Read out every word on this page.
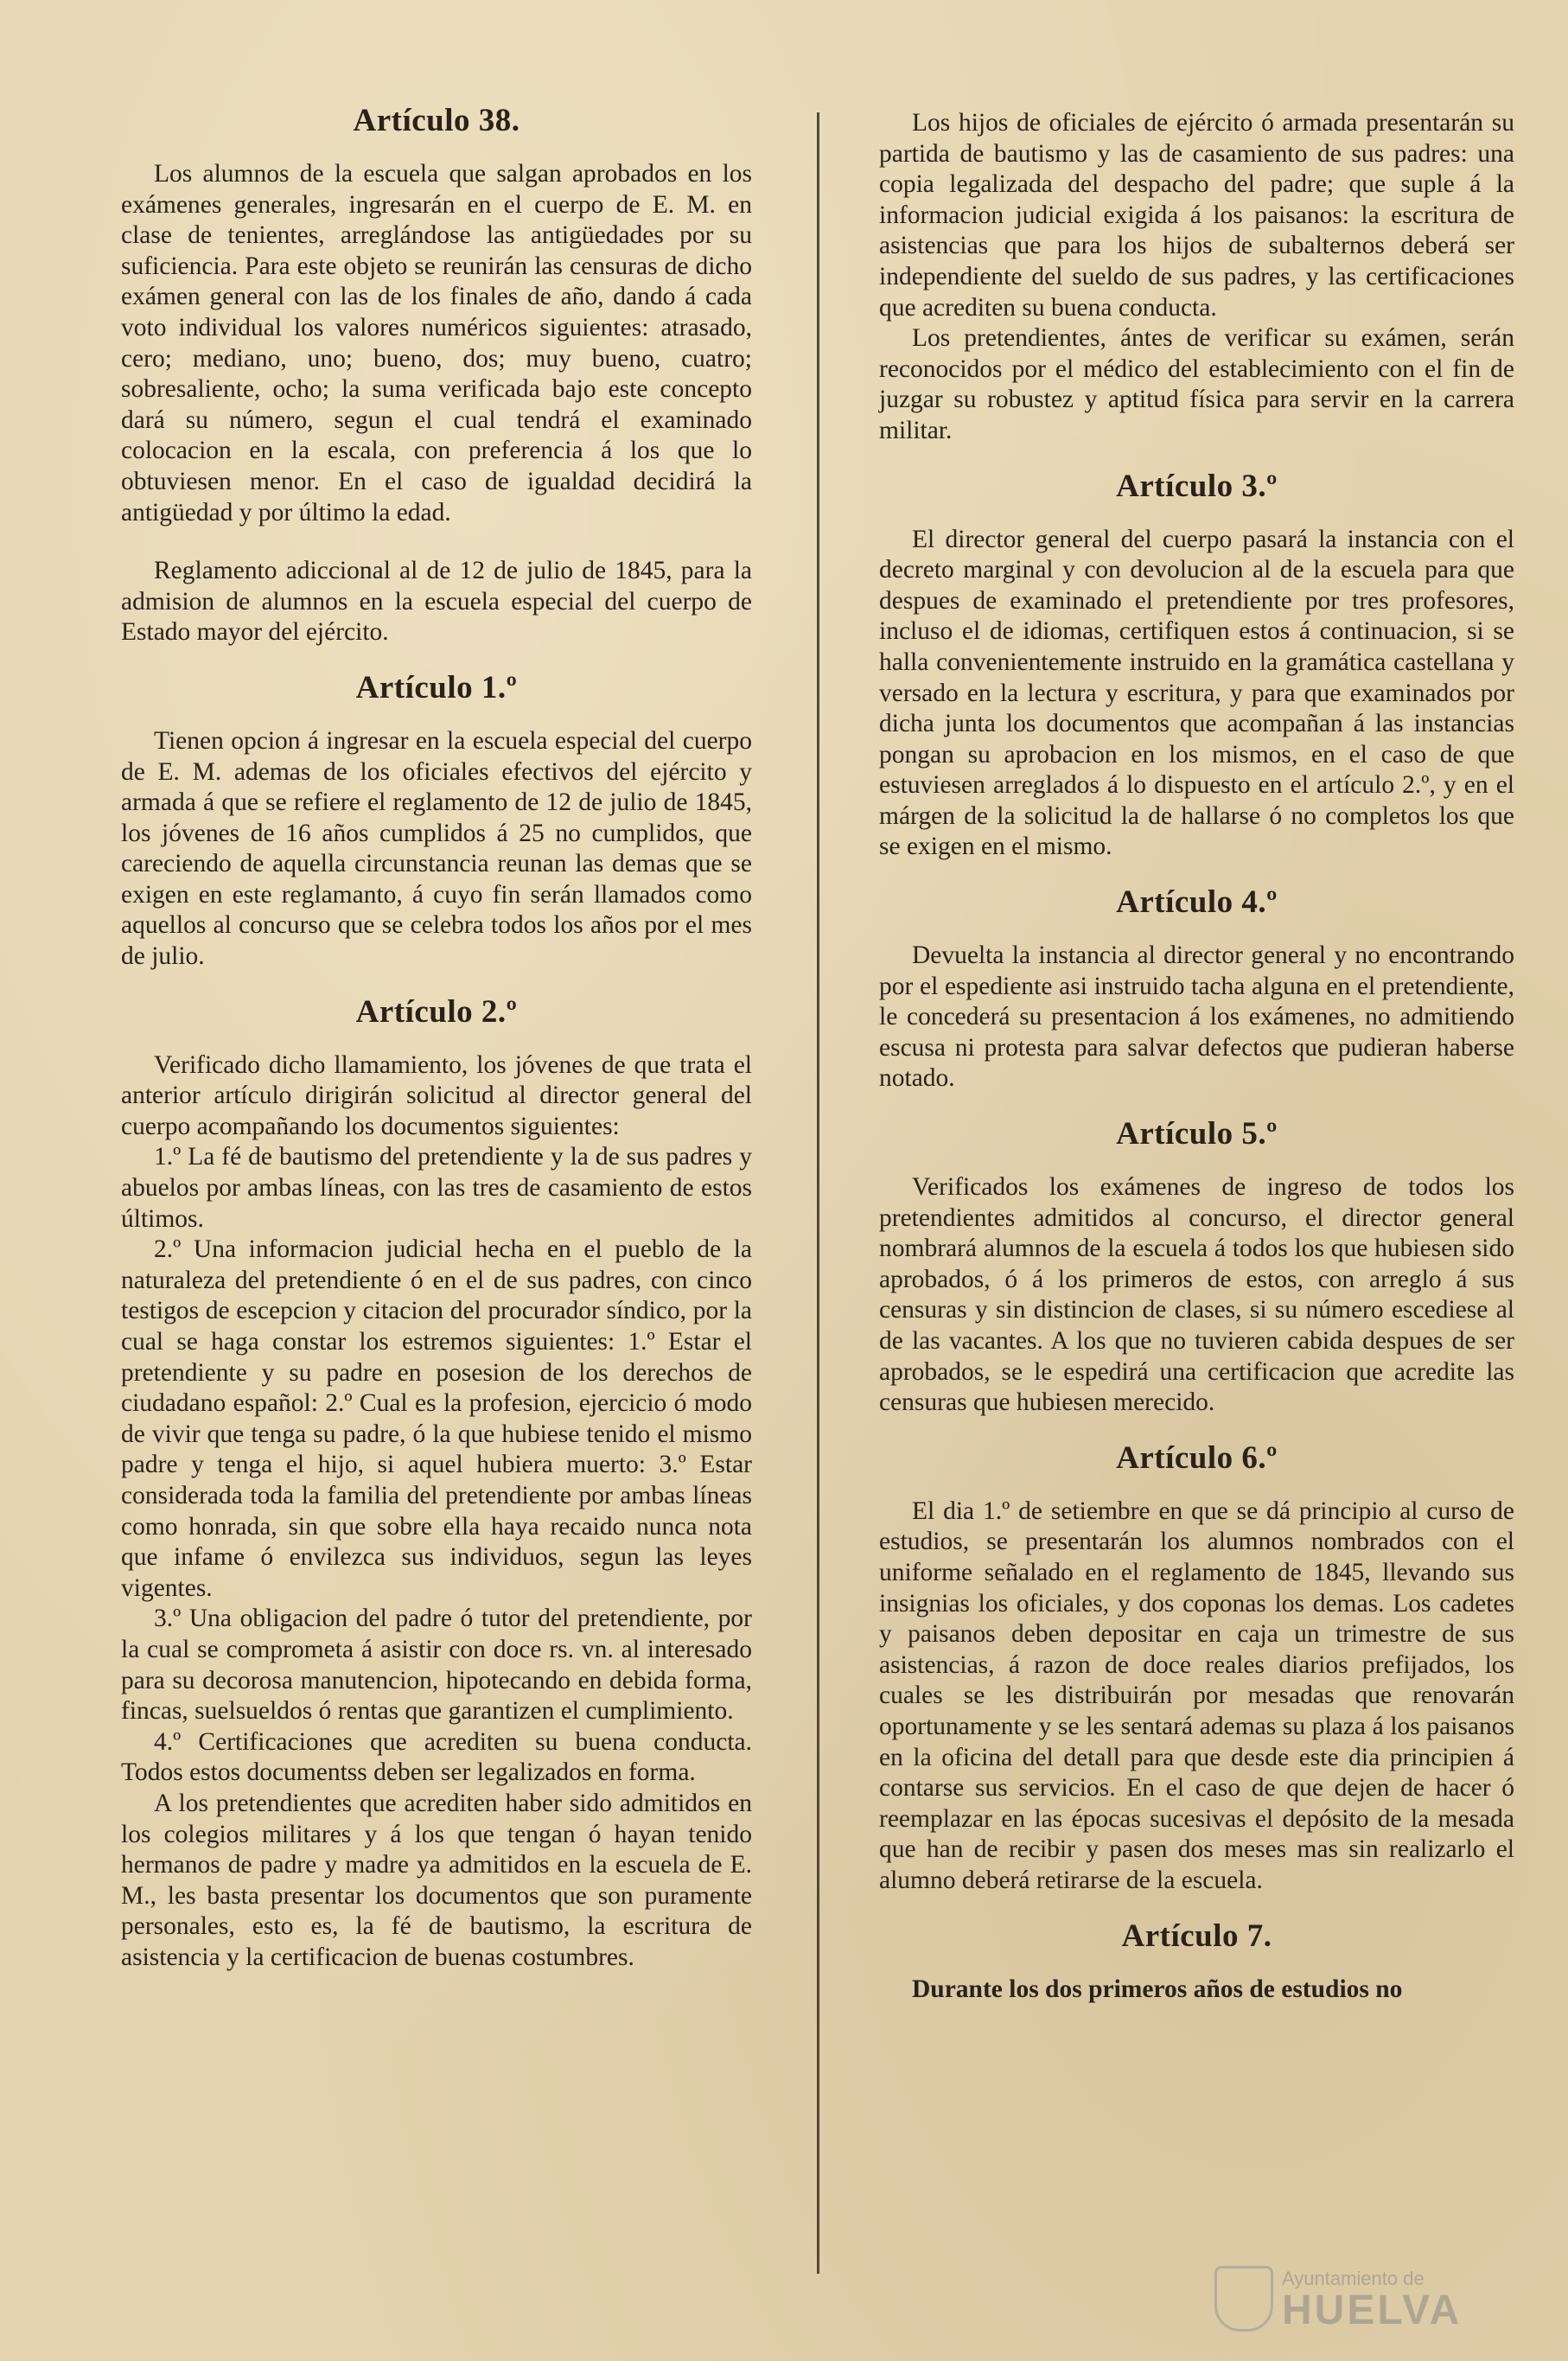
Artículo 38.

Los alumnos de la escuela que salgan aprobados en los exámenes generales, ingresarán en el cuerpo de E. M. en clase de tenientes, arreglándose las antigüedades por su suficiencia. Para este objeto se reunirán las censuras de dicho exámen general con las de los finales de año, dando á cada voto individual los valores numéricos siguientes: atrasado, cero; mediano, uno; bueno, dos; muy bueno, cuatro; sobresaliente, ocho; la suma verificada bajo este concepto dará su número, segun el cual tendrá el examinado colocacion en la escala, con preferencia á los que lo obtuviesen menor. En el caso de igualdad decidirá la antigüedad y por último la edad.

Reglamento adiccional al de 12 de julio de 1845, para la admision de alumnos en la escuela especial del cuerpo de Estado mayor del ejército.

Artículo 1.º

Tienen opcion á ingresar en la escuela especial del cuerpo de E. M. ademas de los oficiales efectivos del ejército y armada á que se refiere el reglamento de 12 de julio de 1845, los jóvenes de 16 años cumplidos á 25 no cumplidos, que careciendo de aquella circunstancia reunan las demas que se exigen en este reglamanto, á cuyo fin serán llamados como aquellos al concurso que se celebra todos los años por el mes de julio.

Artículo 2.º

Verificado dicho llamamiento, los jóvenes de que trata el anterior artículo dirigirán solicitud al director general del cuerpo acompañando los documentos siguientes:

1.º La fé de bautismo del pretendiente y la de sus padres y abuelos por ambas líneas, con las tres de casamiento de estos últimos.

2.º Una informacion judicial hecha en el pueblo de la naturaleza del pretendiente ó en el de sus padres, con cinco testigos de escepcion y citacion del procurador síndico, por la cual se haga constar los estremos siguientes: 1.º Estar el pretendiente y su padre en posesion de los derechos de ciudadano español: 2.º Cual es la profesion, ejercicio ó modo de vivir que tenga su padre, ó la que hubiese tenido el mismo padre y tenga el hijo, si aquel hubiera muerto: 3.º Estar considerada toda la familia del pretendiente por ambas líneas como honrada, sin que sobre ella haya recaido nunca nota que infame ó envilezca sus individuos, segun las leyes vigentes.

3.º Una obligacion del padre ó tutor del pretendiente, por la cual se comprometa á asistir con doce rs. vn. al interesado para su decorosa manutencion, hipotecando en debida forma, fincas, suelsueldos ó rentas que garantizen el cumplimiento.

4.º Certificaciones que acrediten su buena conducta. Todos estos documentss deben ser legalizados en forma.

A los pretendientes que acrediten haber sido admitidos en los colegios militares y á los que tengan ó hayan tenido hermanos de padre y madre ya admitidos en la escuela de E. M., les basta presentar los documentos que son puramente personales, esto es, la fé de bautismo, la escritura de asistencia y la certificacion de buenas costumbres.

Los hijos de oficiales de ejército ó armada presentarán su partida de bautismo y las de casamiento de sus padres: una copia legalizada del despacho del padre; que suple á la informacion judicial exigida á los paisanos: la escritura de asistencias que para los hijos de subalternos deberá ser independiente del sueldo de sus padres, y las certificaciones que acrediten su buena conducta.

Los pretendientes, ántes de verificar su exámen, serán reconocidos por el médico del establecimiento con el fin de juzgar su robustez y aptitud física para servir en la carrera militar.

Artículo 3.º

El director general del cuerpo pasará la instancia con el decreto marginal y con devolucion al de la escuela para que despues de examinado el pretendiente por tres profesores, incluso el de idiomas, certifiquen estos á continuacion, si se halla convenientemente instruido en la gramática castellana y versado en la lectura y escritura, y para que examinados por dicha junta los documentos que acompañan á las instancias pongan su aprobacion en los mismos, en el caso de que estuviesen arreglados á lo dispuesto en el artículo 2.º, y en el márgen de la solicitud la de hallarse ó no completos los que se exigen en el mismo.

Artículo 4.º

Devuelta la instancia al director general y no encontrando por el espediente asi instruido tacha alguna en el pretendiente, le concederá su presentacion á los exámenes, no admitiendo escusa ni protesta para salvar defectos que pudieran haberse notado.

Artículo 5.º

Verificados los exámenes de ingreso de todos los pretendientes admitidos al concurso, el director general nombrará alumnos de la escuela á todos los que hubiesen sido aprobados, ó á los primeros de estos, con arreglo á sus censuras y sin distincion de clases, si su número escediese al de las vacantes. A los que no tuvieren cabida despues de ser aprobados, se le espedirá una certificacion que acredite las censuras que hubiesen merecido.

Artículo 6.º

El dia 1.º de setiembre en que se dá principio al curso de estudios, se presentarán los alumnos nombrados con el uniforme señalado en el reglamento de 1845, llevando sus insignias los oficiales, y dos coponas los demas. Los cadetes y paisanos deben depositar en caja un trimestre de sus asistencias, á razon de doce reales diarios prefijados, los cuales se les distribuirán por mesadas que renovarán oportunamente y se les sentará ademas su plaza á los paisanos en la oficina del detall para que desde este dia principien á contarse sus servicios. En el caso de que dejen de hacer ó reemplazar en las épocas sucesivas el depósito de la mesada que han de recibir y pasen dos meses mas sin realizarlo el alumno deberá retirarse de la escuela.

Artículo 7.

Durante los dos primeros años de estudios no

Ayuntamiento de
HUELVA
